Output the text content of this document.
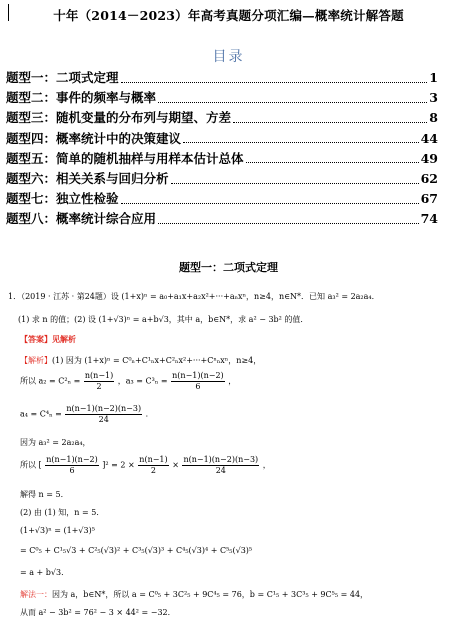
十年（2014－2023）年高考真题分项汇编—概率统计解答题
目录
题型一：二项式定理	1
题型二：事件的频率与概率	3
题型三：随机变量的分布列与期望、方差	8
题型四：概率统计中的决策建议	44
题型五：简单的随机抽样与用样本估计总体	49
题型六：相关关系与回归分析	62
题型七：独立性检验	67
题型八：概率统计综合应用	74
题型一：二项式定理
1．（2019 · 江苏 · 第24题）设 (1+x)ⁿ = a₀+a₁x+a₂x²+···+aₙxⁿ，n≥4，n∈N*．已知 a₃² = 2a₂a₄．
(1) 求 n 的值；(2) 设 (1+√3)ⁿ = a+b√3，其中 a，b∈N*，求 a² − 3b² 的值．
【答案】见解析
【解析】(1) 因为 (1+x)ⁿ = C⁰ₙ+C¹ₙx+C²ₙx²+···+Cⁿₙxⁿ，n≥4，
所以 $a_2 = C^2_n = \frac{n(n-1)}{2}$ ，$a_3 = C^3_n = \frac{n(n-1)(n-2)}{6}$ ，
$a_4 = C^4_n = \frac{n(n-1)(n-2)(n-3)}{24}$ ．
因为 a₃² = 2a₂a₄，
所以 [ $\frac{n(n-1)(n-2)}{6} ]^2 = 2 \times \frac{n(n-1)}{2} \times \frac{n(n-1)(n-2)(n-3)}{24}$ ，
解得 n = 5．
(2) 由 (1) 知，n = 5．
(1+√3)ⁿ = (1+√3)⁵
= C⁰₅ + C¹₅√3 + C²₅(√3)² + C³₅(√3)³ + C⁴₅(√3)⁴ + C⁵₅(√3)⁵
= a + b√3．
解法一：因为 a，b∈N*，所以 a = C⁰₅ + 3C²₅ + 9C⁴₅ = 76，b = C¹₅ + 3C³₅ + 9C⁵₅ = 44，
从而 a² − 3b² = 76² − 3 × 44² = −32．
